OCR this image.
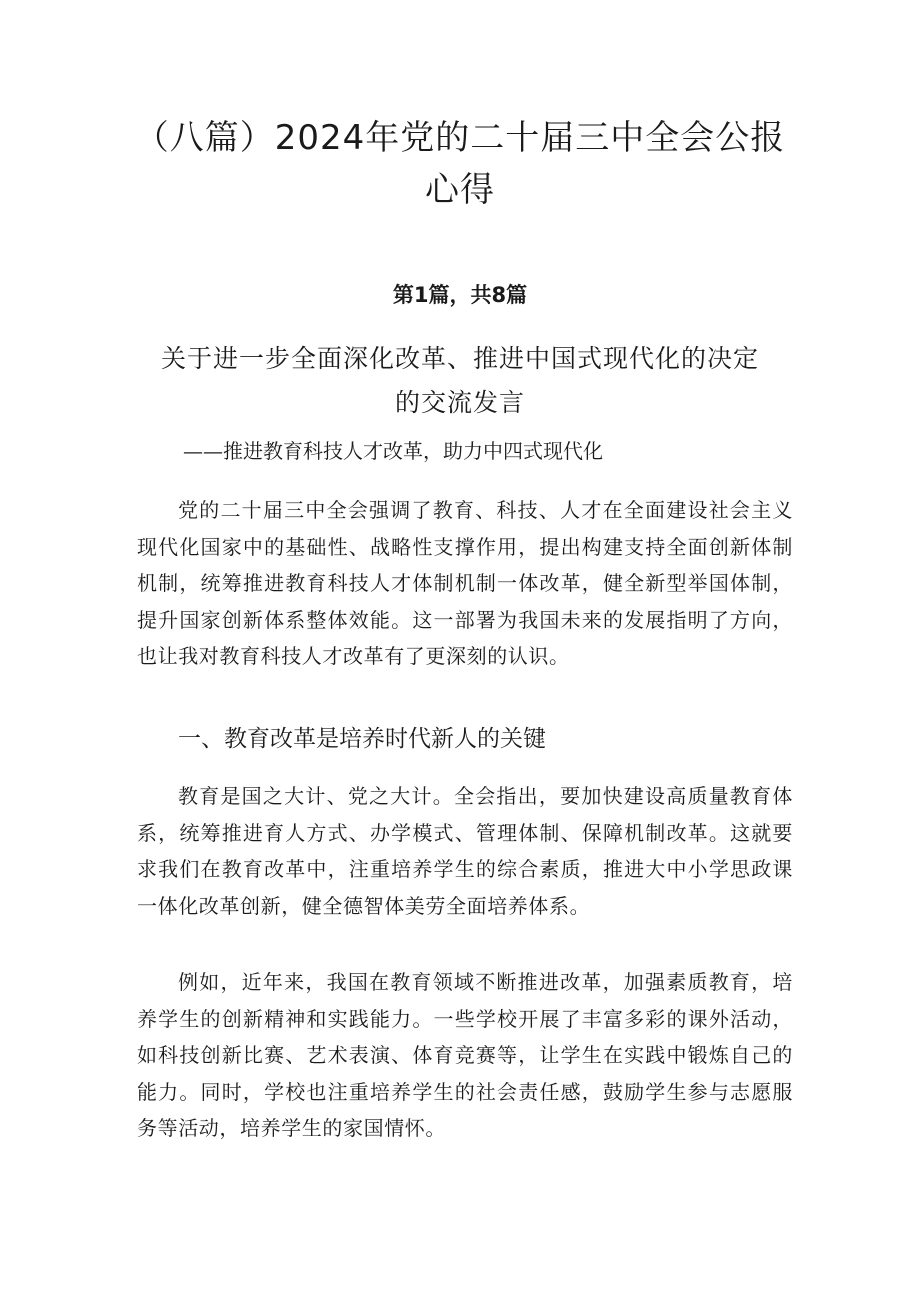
（八篇）2024年党的二十届三中全会公报心得
第1篇，共8篇
关于进一步全面深化改革、推进中国式现代化的决定的交流发言
——推进教育科技人才改革，助力中四式现代化

党的二十届三中全会强调了教育、科技、人才在全面建设社会主义现代化国家中的基础性、战略性支撑作用，提出构建支持全面创新体制机制，统筹推进教育科技人才体制机制一体改革，健全新型举国体制，提升国家创新体系整体效能。这一部署为我国未来的发展指明了方向，也让我对教育科技人才改革有了更深刻的认识。

一、教育改革是培养时代新人的关键

教育是国之大计、党之大计。全会指出，要加快建设高质量教育体系，统筹推进育人方式、办学模式、管理体制、保障机制改革。这就要求我们在教育改革中，注重培养学生的综合素质，推进大中小学思政课一体化改革创新，健全德智体美劳全面培养体系。

例如，近年来，我国在教育领域不断推进改革，加强素质教育，培养学生的创新精神和实践能力。一些学校开展了丰富多彩的课外活动，如科技创新比赛、艺术表演、体育竞赛等，让学生在实践中锻炼自己的能力。同时，学校也注重培养学生的社会责任感，鼓励学生参与志愿服务等活动，培养学生的家国情怀。
